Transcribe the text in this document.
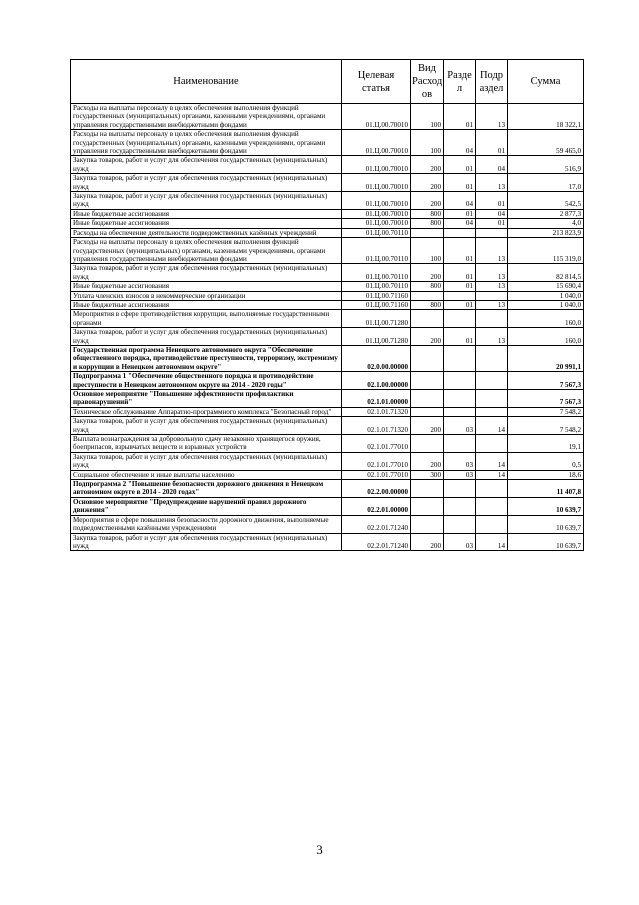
Наименование	Целевая статья	Вид Расход ов	Разде л	Подр аздел	Сумма
Расходы на выплаты персоналу в целях обеспечения выполнения функций государственных (муниципальных) органами, казенными учреждениями, органами управления государственными внебюджетными фондами	01.Ц.00.70010	100	01	13	18 322,1
Расходы на выплаты персоналу в целях обеспечения выполнения функций государственных (муниципальных) органами, казенными учреждениями, органами управления государственными внебюджетными фондами	01.Ц.00.70010	100	04	01	59 465,0
Закупка товаров, работ и услуг для обеспечения государственных (муниципальных) нужд	01.Ц.00.70010	200	01	04	516,9
Закупка товаров, работ и услуг для обеспечения государственных (муниципальных) нужд	01.Ц.00.70010	200	01	13	17,0
Закупка товаров, работ и услуг для обеспечения государственных (муниципальных) нужд	01.Ц.00.70010	200	04	01	542,5
Иные бюджетные ассигнования	01.Ц.00.70010	800	01	04	2 877,3
Иные бюджетные ассигнования	01.Ц.00.70010	800	04	01	4,0
Расходы на обеспечение деятельности подведомственных казённых учреждений	01.Ц.00.70110				213 823,9
Расходы на выплаты персоналу в целях обеспечения выполнения функций государственных (муниципальных) органами, казенными учреждениями, органами управления государственными внебюджетными фондами	01.Ц.00.70110	100	01	13	115 319,0
Закупка товаров, работ и услуг для обеспечения государственных (муниципальных) нужд	01.Ц.00.70110	200	01	13	82 814,5
Иные бюджетные ассигнования	01.Ц.00.70110	800	01	13	15 690,4
Уплата членских взносов в некоммерческие организации	01.Ц.00.71160				1 040,0
Иные бюджетные ассигнования	01.Ц.00.71160	800	01	13	1 040,0
Мероприятия в сфере противодействия коррупции, выполняемые государственными органами	01.Ц.00.71280				160,0
Закупка товаров, работ и услуг для обеспечения государственных (муниципальных) нужд	01.Ц.00.71280	200	01	13	160,0
Государственная программа Ненецкого автономного округа "Обеспечение общественного порядка, противодействие преступности, терроризму, экстремизму и коррупции в Ненецком автономном округе"	02.0.00.00000				20 991,1
Подпрограмма 1 "Обеспечение общественного порядка и противодействие преступности в Ненецком автономном округе на 2014 - 2020 годы"	02.1.00.00000				7 567,3
Основное мероприятие "Повышение эффективности профилактики правонарушений"	02.1.01.00000				7 567,3
Техническое обслуживание Аппаратно-программного комплекса "Безопасный город"	02.1.01.71320				7 548,2
Закупка товаров, работ и услуг для обеспечения государственных (муниципальных) нужд	02.1.01.71320	200	03	14	7 548,2
Выплата вознаграждения за добровольную сдачу незаконно хранящегося оружия, боеприпасов, взрывчатых веществ и взрывных устройств	02.1.01.77010				19,1
Закупка товаров, работ и услуг для обеспечения государственных (муниципальных) нужд	02.1.01.77010	200	03	14	0,5
Социальное обеспечение и иные выплаты населению	02.1.01.77010	300	03	14	18,6
Подпрограмма 2 "Повышение безопасности дорожного движения в Ненецком автономном округе в 2014 - 2020 годах"	02.2.00.00000				11 407,8
Основное мероприятие "Предупреждение нарушений правил дорожного движения"	02.2.01.00000				10 639,7
Мероприятия в сфере повышения безопасности дорожного движения, выполняемые подведомственными казёнными учреждениями	02.2.01.71240				10 639,7
Закупка товаров, работ и услуг для обеспечения государственных (муниципальных) нужд	02.2.01.71240	200	03	14	10 639,7
3
